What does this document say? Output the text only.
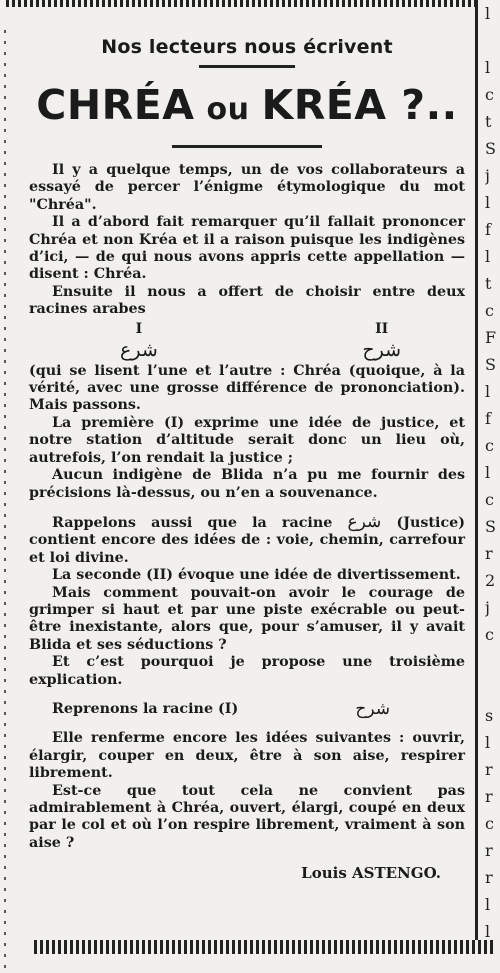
l

l
c
t
S
j
l
f
l
t
c
F
S
l
f
c
l
c
S
r
2
j
c

s
l
r
r
c
r
r
l
l

Nos lecteurs nous écrivent

CHRÉA ou KRÉA ?..

Il y a quelque temps, un de vos collaborateurs a essayé de percer l’énigme étymologique du mot "Chréa".

Il a d’abord fait remarquer qu’il fallait prononcer Chréa et non Kréa et il a raison puisque les indigènes d’ici, — de qui nous avons appris cette appellation — disent : Chréa.

Ensuite il nous a offert de choisir entre deux racines arabes

I
شرع
II
شرح

(qui se lisent l’une et l’autre : Chréa (quoique, à la vérité, avec une grosse différence de prononciation). Mais passons.

La première (I) exprime une idée de justice, et notre station d’altitude serait donc un lieu où, autrefois, l’on rendait la justice ;

Aucun indigène de Blida n’a pu me fournir des précisions là-dessus, ou n’en a souvenance.

Rappelons aussi que la racine شرع (Justice) contient encore des idées de : voie, chemin, carrefour et loi divine.

La seconde (II) évoque une idée de divertissement.

Mais comment pouvait-on avoir le courage de grimper si haut et par une piste exécrable ou peut-être inexistante, alors que, pour s’amuser, il y avait Blida et ses séductions ?

Et c’est pourquoi je propose une troisième explication.

Reprenons la racine (I)	شرح

Elle renferme encore les idées suivantes : ouvrir, élargir, couper en deux, être à son aise, respirer librement.

Est-ce que tout cela ne convient pas admirablement à Chréa, ouvert, élargi, coupé en deux par le col et où l’on respire librement, vraiment à son aise ?

Louis ASTENGO.
